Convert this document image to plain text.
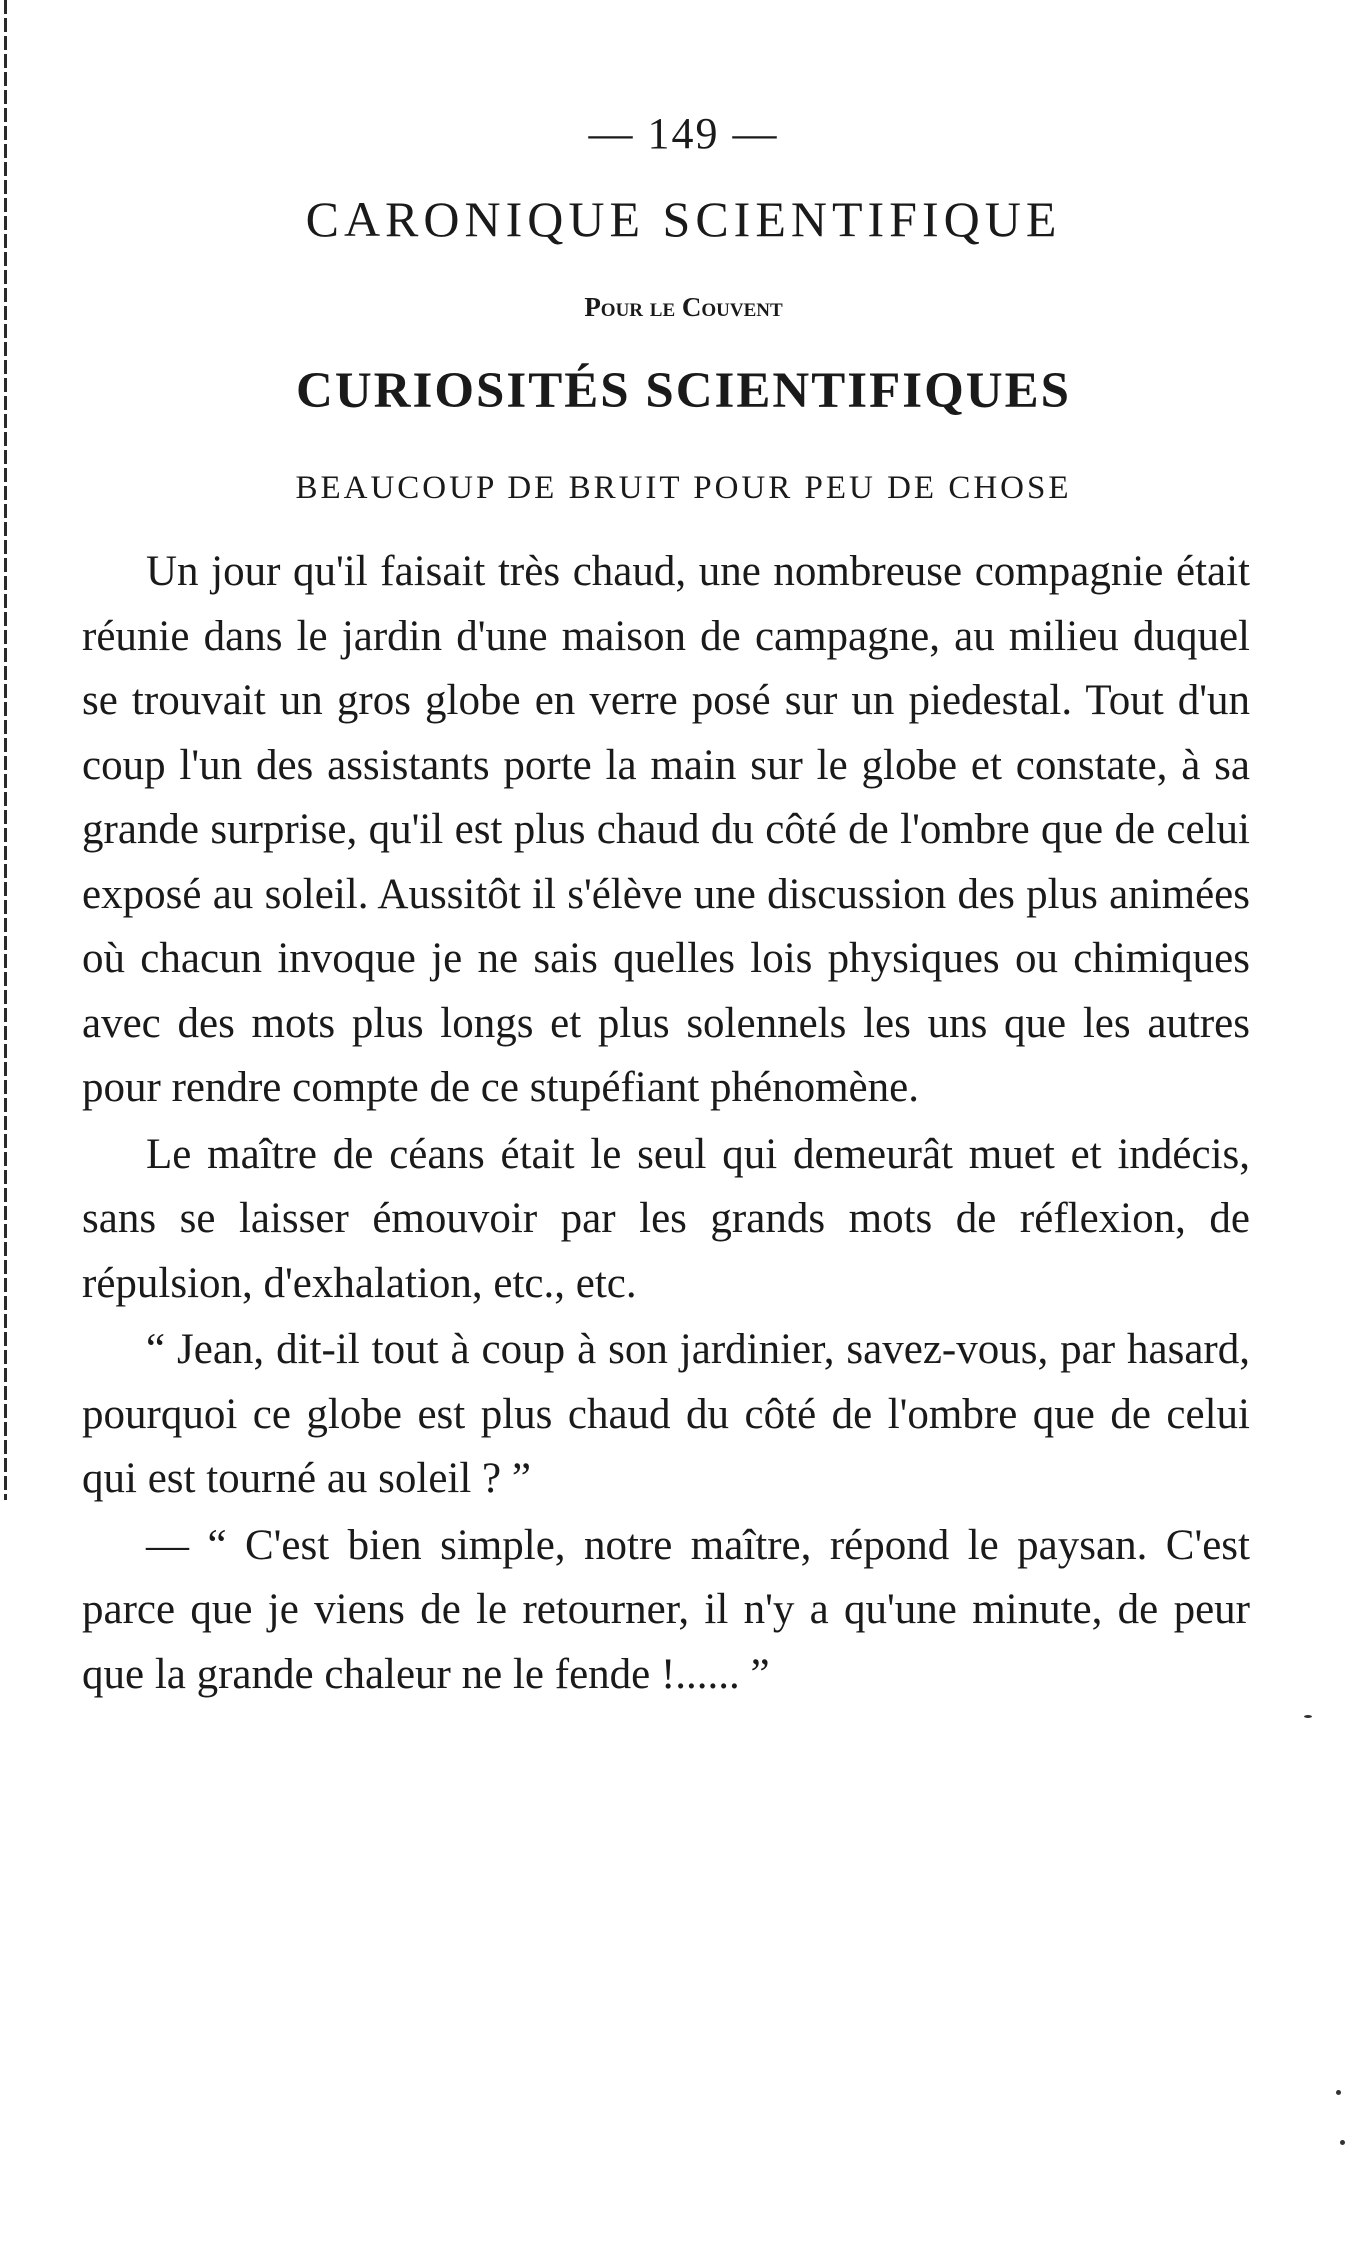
— 149 —
CARONIQUE SCIENTIFIQUE
Pour le Couvent
CURIOSITÉS SCIENTIFIQUES
BEAUCOUP DE BRUIT POUR PEU DE CHOSE

Un jour qu'il faisait très chaud, une nombreuse compagnie était réunie dans le jardin d'une maison de campagne, au milieu duquel se trouvait un gros globe en verre posé sur un piedestal. Tout d'un coup l'un des assistants porte la main sur le globe et constate, à sa grande surprise, qu'il est plus chaud du côté de l'ombre que de celui exposé au soleil. Aussitôt il s'élève une discussion des plus animées où chacun invoque je ne sais quelles lois physiques ou chimiques avec des mots plus longs et plus solennels les uns que les autres pour rendre compte de ce stupéfiant phénomène.

Le maître de céans était le seul qui demeurât muet et indécis, sans se laisser émouvoir par les grands mots de réflexion, de répulsion, d'exhalation, etc., etc.

“ Jean, dit-il tout à coup à son jardinier, savez-vous, par hasard, pourquoi ce globe est plus chaud du côté de l'ombre que de celui qui est tourné au soleil ? ”

— “ C'est bien simple, notre maître, répond le paysan. C'est parce que je viens de le retourner, il n'y a qu'une minute, de peur que la grande chaleur ne le fende !...... ”
